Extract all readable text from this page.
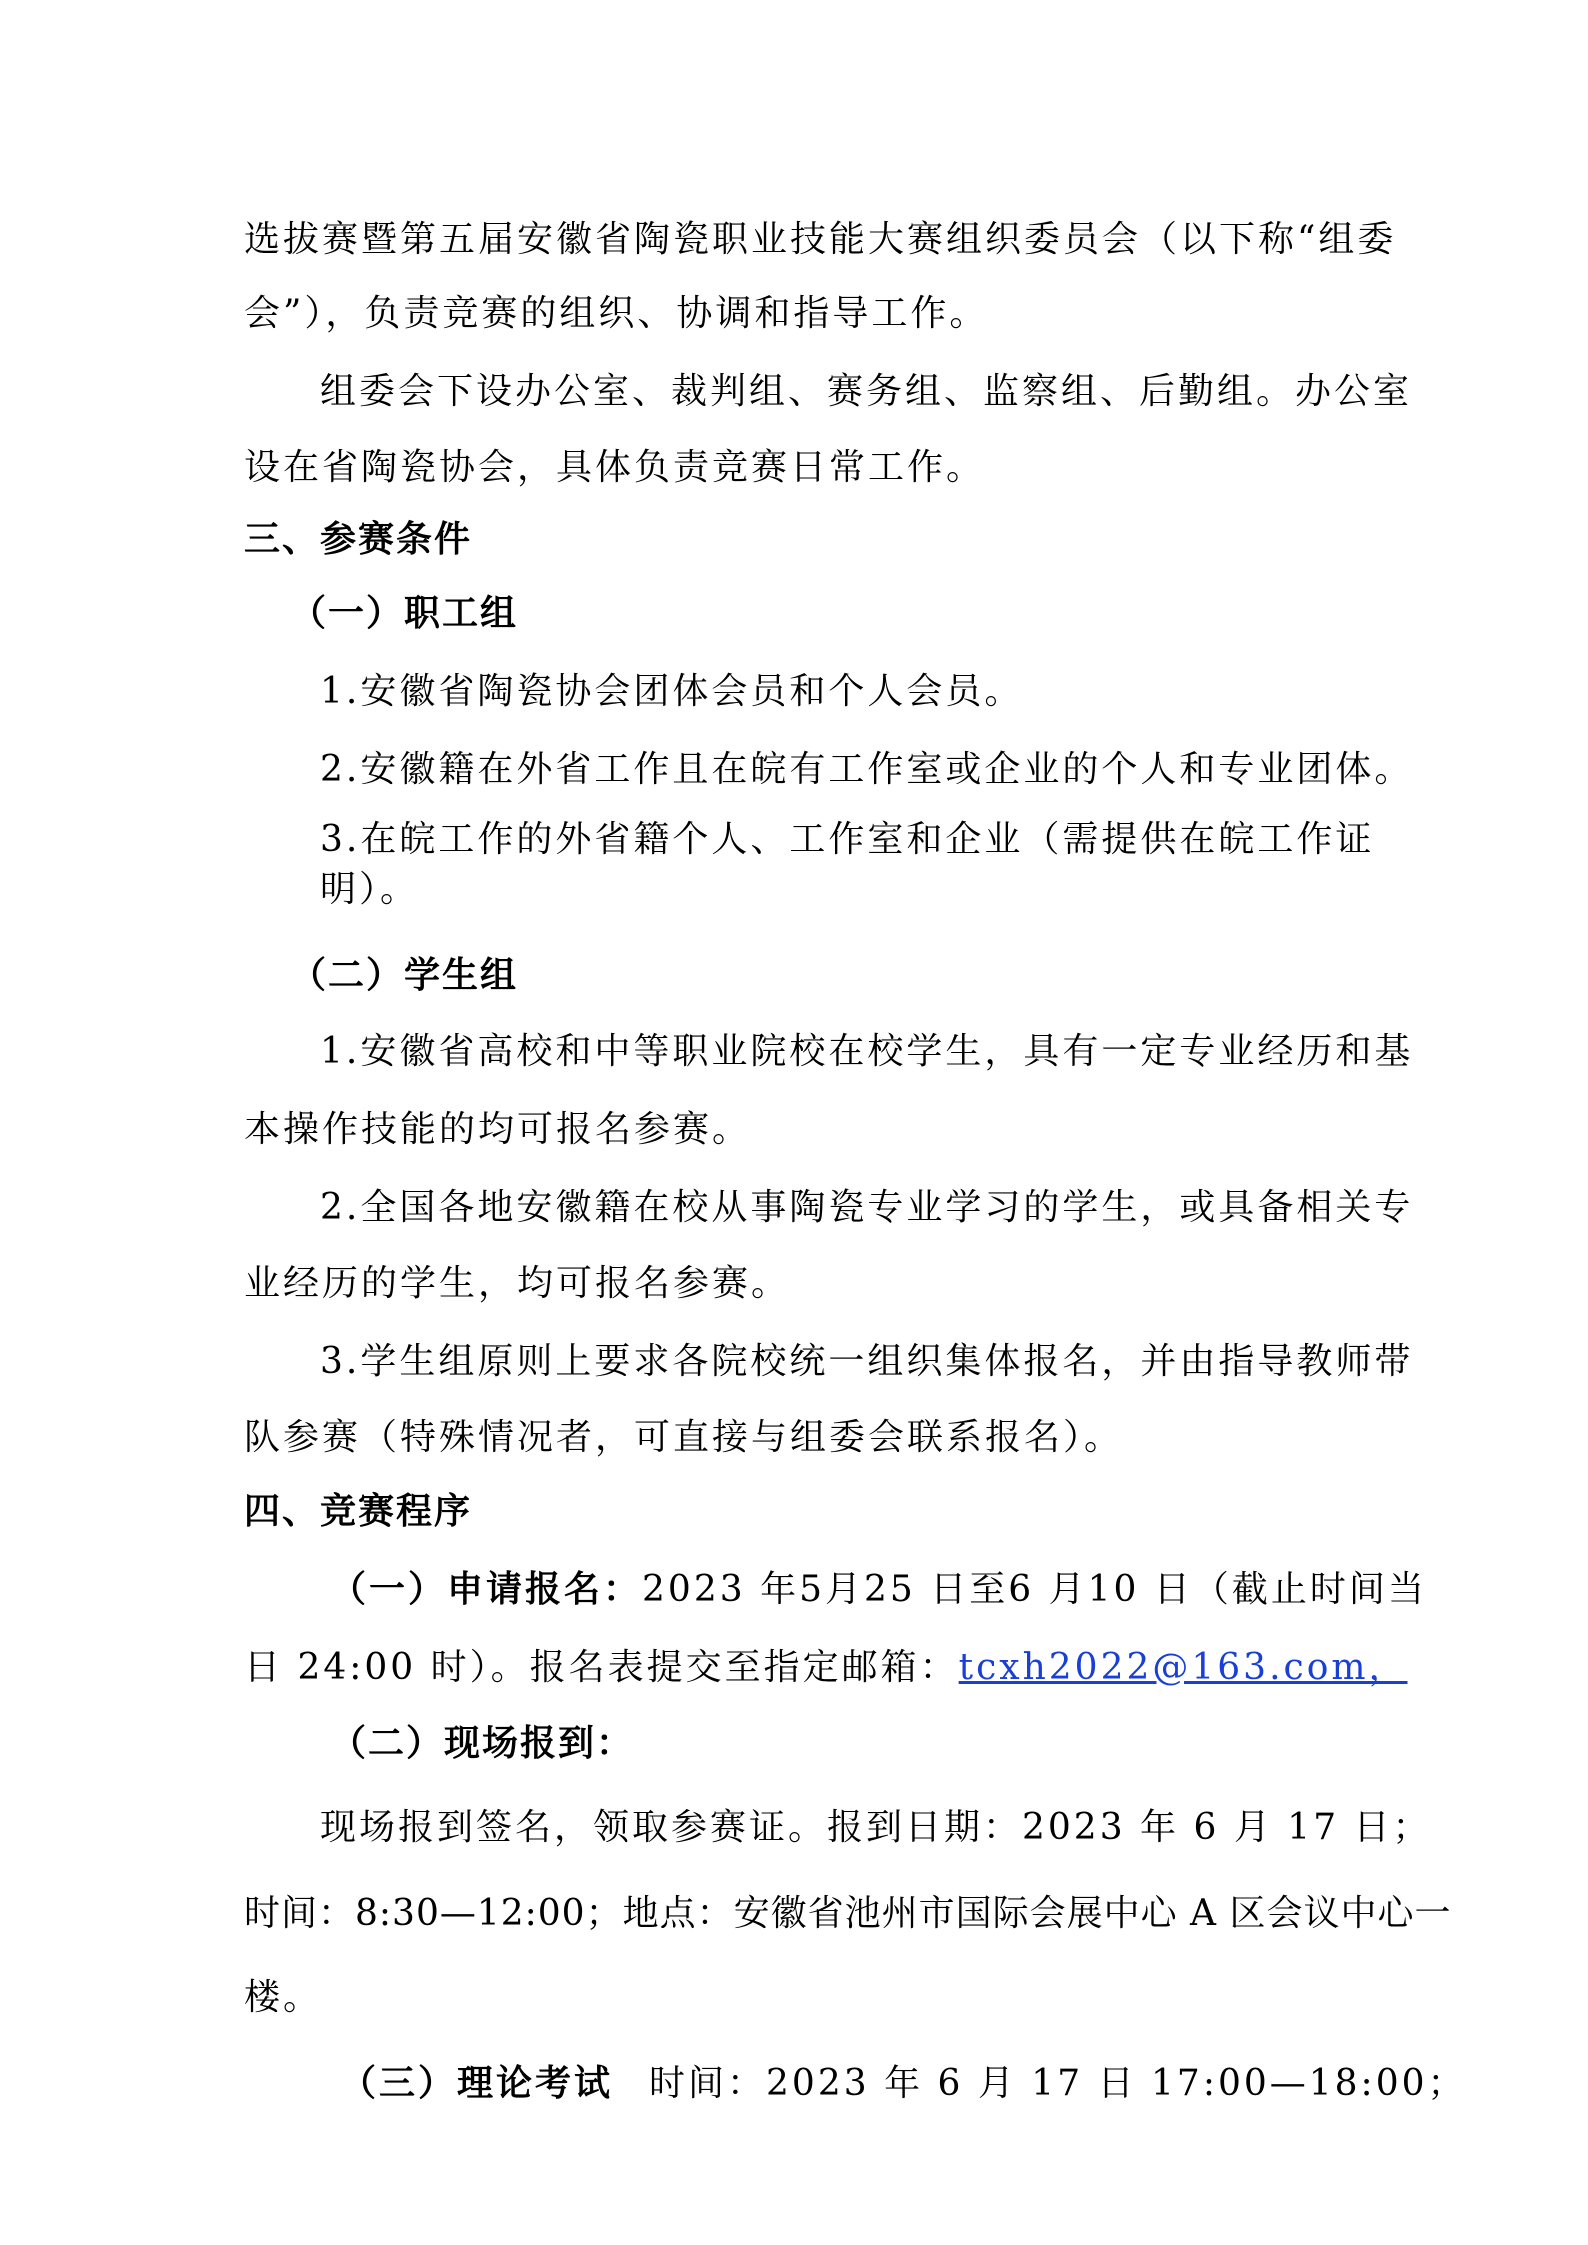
选拔赛暨第五届安徽省陶瓷职业技能大赛组织委员会（以下称“组委
会”），负责竞赛的组织、协调和指导工作。
组委会下设办公室、裁判组、赛务组、监察组、后勤组。办公室
设在省陶瓷协会，具体负责竞赛日常工作。
三、参赛条件
（一）职工组
1.安徽省陶瓷协会团体会员和个人会员。
2.安徽籍在外省工作且在皖有工作室或企业的个人和专业团体。
3.在皖工作的外省籍个人、工作室和企业（需提供在皖工作证
明）。
（二）学生组
1.安徽省高校和中等职业院校在校学生，具有一定专业经历和基
本操作技能的均可报名参赛。
2.全国各地安徽籍在校从事陶瓷专业学习的学生，或具备相关专
业经历的学生，均可报名参赛。
3.学生组原则上要求各院校统一组织集体报名，并由指导教师带
队参赛（特殊情况者，可直接与组委会联系报名）。
四、竞赛程序
（一）申请报名：2023 年5月25 日至6 月10 日（截止时间当
日 24:00 时）。报名表提交至指定邮箱：tcxh2022@163.com，
（二）现场报到：
现场报到签名，领取参赛证。报到日期：2023 年 6 月 17 日；
时间：8:30—12:00；地点：安徽省池州市国际会展中心 A 区会议中心一
楼。
（三）理论考试 时间：2023 年 6 月 17 日 17:00—18:00；
